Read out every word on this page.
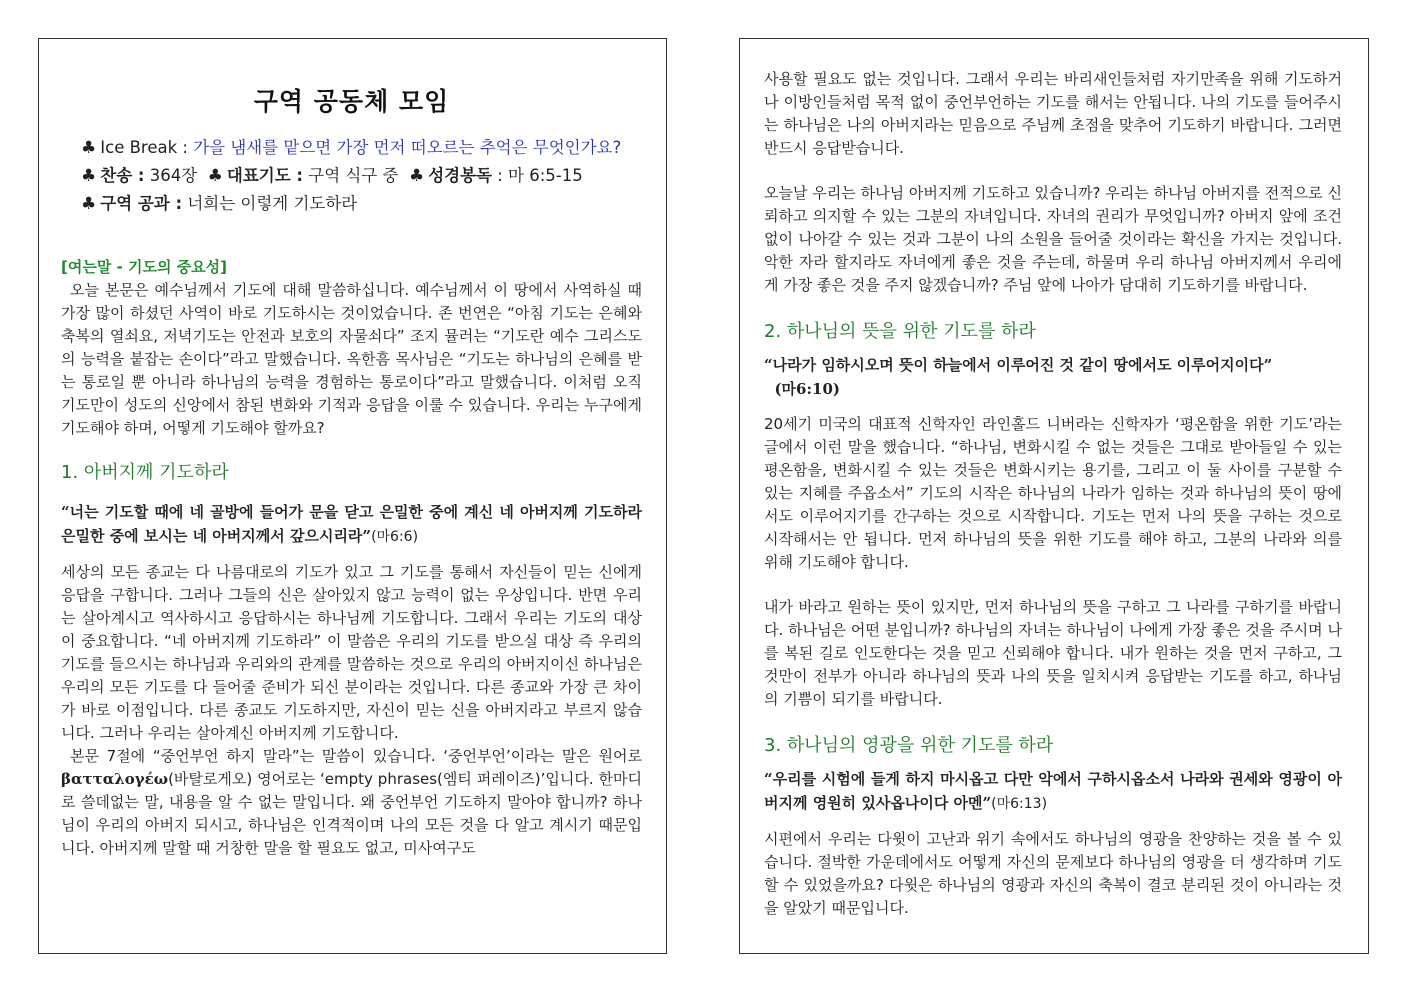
구역 공동체 모임
♣ Ice Break : 가을 냄새를 맡으면 가장 먼저 떠오르는 추억은 무엇인가요?
♣ 찬송 : 364장 ♣ 대표기도 : 구역 식구 중 ♣ 성경봉독 : 마 6:5-15
♣ 구역 공과 : 너희는 이렇게 기도하라
[여는말 - 기도의 중요성]

오늘 본문은 예수님께서 기도에 대해 말씀하십니다. 예수님께서 이 땅에서 사역하실 때 가장 많이 하셨던 사역이 바로 기도하시는 것이었습니다. 존 번연은 “아침 기도는 은혜와 축복의 열쇠요, 저녁기도는 안전과 보호의 자물쇠다” 조지 뮬러는 “기도란 예수 그리스도의 능력을 붙잡는 손이다”라고 말했습니다. 옥한흠 목사님은 “기도는 하나님의 은혜를 받는 통로일 뿐 아니라 하나님의 능력을 경험하는 통로이다”라고 말했습니다. 이처럼 오직 기도만이 성도의 신앙에서 참된 변화와 기적과 응답을 이룰 수 있습니다. 우리는 누구에게 기도해야 하며, 어떻게 기도해야 할까요?

1. 아버지께 기도하라

“너는 기도할 때에 네 골방에 들어가 문을 닫고 은밀한 중에 계신 네 아버지께 기도하라 은밀한 중에 보시는 네 아버지께서 갚으시리라”(마6:6)

세상의 모든 종교는 다 나름대로의 기도가 있고 그 기도를 통해서 자신들이 믿는 신에게 응답을 구합니다. 그러나 그들의 신은 살아있지 않고 능력이 없는 우상입니다. 반면 우리는 살아계시고 역사하시고 응답하시는 하나님께 기도합니다. 그래서 우리는 기도의 대상이 중요합니다. “네 아버지께 기도하라” 이 말씀은 우리의 기도를 받으실 대상 즉 우리의 기도를 들으시는 하나님과 우리와의 관계를 말씀하는 것으로 우리의 아버지이신 하나님은 우리의 모든 기도를 다 들어줄 준비가 되신 분이라는 것입니다. 다른 종교와 가장 큰 차이가 바로 이점입니다. 다른 종교도 기도하지만, 자신이 믿는 신을 아버지라고 부르지 않습니다. 그러나 우리는 살아계신 아버지께 기도합니다.

본문 7절에 “중언부언 하지 말라”는 말씀이 있습니다. ‘중언부언’이라는 말은 원어로 βατταλογέω(바탈로게오) 영어로는 ‘empty phrases(엠티 퍼레이즈)’입니다. 한마디로 쓸데없는 말, 내용을 알 수 없는 말입니다. 왜 중언부언 기도하지 말아야 합니까? 하나님이 우리의 아버지 되시고, 하나님은 인격적이며 나의 모든 것을 다 알고 계시기 때문입니다. 아버지께 말할 때 거창한 말을 할 필요도 없고, 미사여구도

사용할 필요도 없는 것입니다. 그래서 우리는 바리새인들처럼 자기만족을 위해 기도하거나 이방인들처럼 목적 없이 중언부언하는 기도를 해서는 안됩니다. 나의 기도를 들어주시는 하나님은 나의 아버지라는 믿음으로 주님께 초점을 맞추어 기도하기 바랍니다. 그러면 반드시 응답받습니다.

오늘날 우리는 하나님 아버지께 기도하고 있습니까? 우리는 하나님 아버지를 전적으로 신뢰하고 의지할 수 있는 그분의 자녀입니다. 자녀의 권리가 무엇입니까? 아버지 앞에 조건 없이 나아갈 수 있는 것과 그분이 나의 소원을 들어줄 것이라는 확신을 가지는 것입니다. 악한 자라 할지라도 자녀에게 좋은 것을 주는데, 하물며 우리 하나님 아버지께서 우리에게 가장 좋은 것을 주지 않겠습니까? 주님 앞에 나아가 담대히 기도하기를 바랍니다.

2. 하나님의 뜻을 위한 기도를 하라

“나라가 임하시오며 뜻이 하늘에서 이루어진 것 같이 땅에서도 이루어지이다”
(마6:10)

20세기 미국의 대표적 신학자인 라인홀드 니버라는 신학자가 ‘평온함을 위한 기도’라는 글에서 이런 말을 했습니다. “하나님, 변화시킬 수 없는 것들은 그대로 받아들일 수 있는 평온함을, 변화시킬 수 있는 것들은 변화시키는 용기를, 그리고 이 둘 사이를 구분할 수 있는 지혜를 주옵소서” 기도의 시작은 하나님의 나라가 임하는 것과 하나님의 뜻이 땅에서도 이루어지기를 간구하는 것으로 시작합니다. 기도는 먼저 나의 뜻을 구하는 것으로 시작해서는 안 됩니다. 먼저 하나님의 뜻을 위한 기도를 해야 하고, 그분의 나라와 의를 위해 기도해야 합니다.

내가 바라고 원하는 뜻이 있지만, 먼저 하나님의 뜻을 구하고 그 나라를 구하기를 바랍니다. 하나님은 어떤 분입니까? 하나님의 자녀는 하나님이 나에게 가장 좋은 것을 주시며 나를 복된 길로 인도한다는 것을 믿고 신뢰해야 합니다. 내가 원하는 것을 먼저 구하고, 그것만이 전부가 아니라 하나님의 뜻과 나의 뜻을 일치시켜 응답받는 기도를 하고, 하나님의 기쁨이 되기를 바랍니다.

3. 하나님의 영광을 위한 기도를 하라

“우리를 시험에 들게 하지 마시옵고 다만 악에서 구하시옵소서 나라와 권세와 영광이 아버지께 영원히 있사옵나이다 아멘”(마6:13)

시편에서 우리는 다윗이 고난과 위기 속에서도 하나님의 영광을 찬양하는 것을 볼 수 있습니다. 절박한 가운데에서도 어떻게 자신의 문제보다 하나님의 영광을 더 생각하며 기도할 수 있었을까요? 다윗은 하나님의 영광과 자신의 축복이 결코 분리된 것이 아니라는 것을 알았기 때문입니다.
